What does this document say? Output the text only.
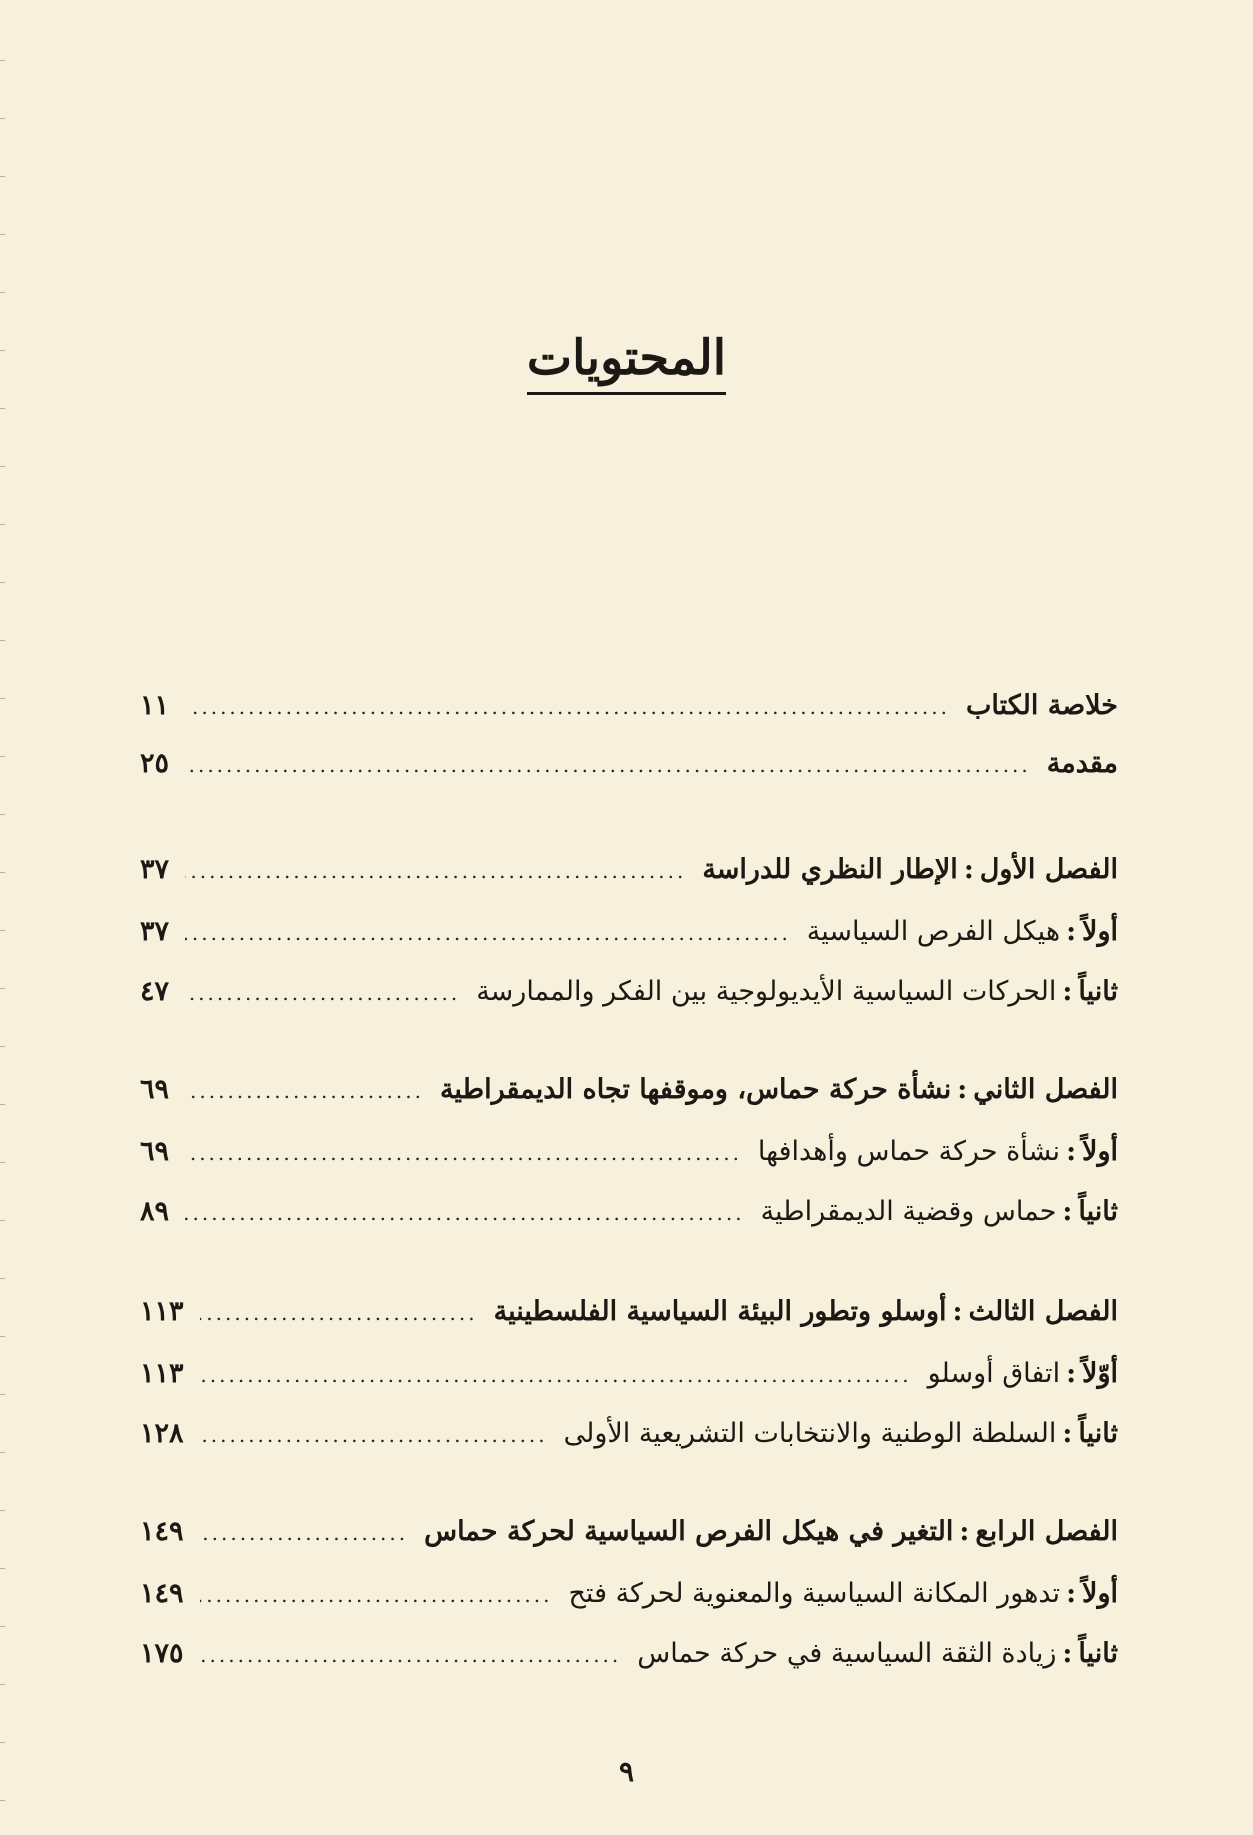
المحتويات
خلاصة الكتاب
.....
١١
مقدمة
.....
٢٥
الفصل الأول
:
الإطار النظري للدراسة
.....
٣٧
أولاً
:
هيكل الفرص السياسية
.....
٣٧
ثانياً
:
الحركات السياسية الأيديولوجية بين الفكر والممارسة
.....
٤٧
الفصل الثاني
:
نشأة حركة حماس، وموقفها تجاه الديمقراطية
.....
٦٩
أولاً
:
نشأة حركة حماس وأهدافها
.....
٦٩
ثانياً
:
حماس وقضية الديمقراطية
.....
٨٩
الفصل الثالث
:
أوسلو وتطور البيئة السياسية الفلسطينية
.....
١١٣
أوّلاً
:
اتفاق أوسلو
.....
١١٣
ثانياً
:
السلطة الوطنية والانتخابات التشريعية الأولى
.....
١٢٨
الفصل الرابع
:
التغير في هيكل الفرص السياسية لحركة حماس
.....
١٤٩
أولاً
:
تدهور المكانة السياسية والمعنوية لحركة فتح
.....
١٤٩
ثانياً
:
زيادة الثقة السياسية في حركة حماس
.....
١٧٥
٩
